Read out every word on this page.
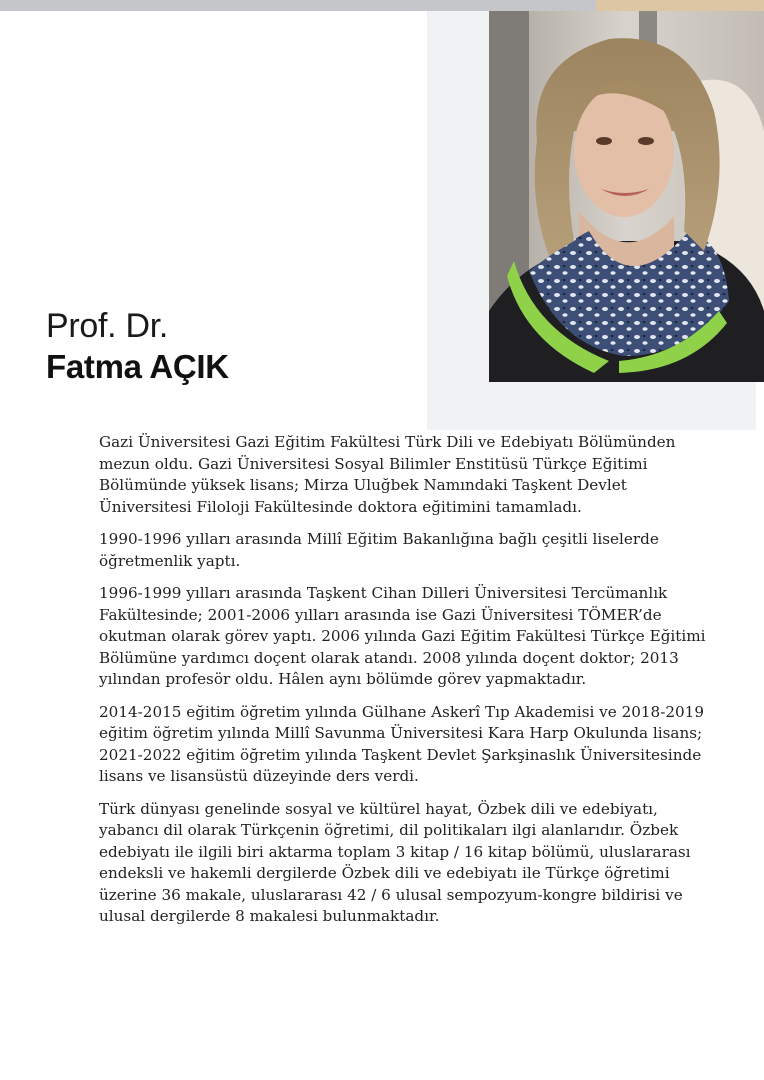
Prof. Dr.
Fatma AÇIK

Gazi Üniversitesi Gazi Eğitim Fakültesi Türk Dili ve Edebiyatı Bölümünden mezun oldu. Gazi Üniversitesi Sosyal Bilimler Enstitüsü Türkçe Eğitimi Bölümünde yüksek lisans; Mirza Uluğbek Namındaki Taşkent Devlet Üniversitesi Filoloji Fakültesinde doktora eğitimini tamamladı.

1990-1996 yılları arasında Millî Eğitim Bakanlığına bağlı çeşitli liselerde öğretmenlik yaptı.

1996-1999 yılları arasında Taşkent Cihan Dilleri Üniversitesi Tercümanlık Fakültesinde; 2001-2006 yılları arasında ise Gazi Üniversitesi TÖMER’de okutman olarak görev yaptı. 2006 yılında Gazi Eğitim Fakültesi Türkçe Eğitimi Bölümüne yardımcı doçent olarak atandı. 2008 yılında doçent doktor; 2013 yılından profesör oldu. Hâlen aynı bölümde görev yapmaktadır.

2014-2015 eğitim öğretim yılında Gülhane Askerî Tıp Akademisi ve 2018-2019 eğitim öğretim yılında Millî Savunma Üniversitesi Kara Harp Okulunda lisans; 2021-2022 eğitim öğretim yılında Taşkent Devlet Şarkşinaslık Üniversitesinde lisans ve lisansüstü düzeyinde ders verdi.

Türk dünyası genelinde sosyal ve kültürel hayat, Özbek dili ve edebiyatı, yabancı dil olarak Türkçenin öğretimi, dil politikaları ilgi alanlarıdır. Özbek edebiyatı ile ilgili biri aktarma toplam 3 kitap / 16 kitap bölümü, uluslararası endeksli ve hakemli dergilerde Özbek dili ve edebiyatı ile Türkçe öğretimi üzerine 36 makale, uluslararası 42 / 6 ulusal sempozyum-kongre bildirisi ve ulusal dergilerde 8 makalesi bulunmaktadır.
